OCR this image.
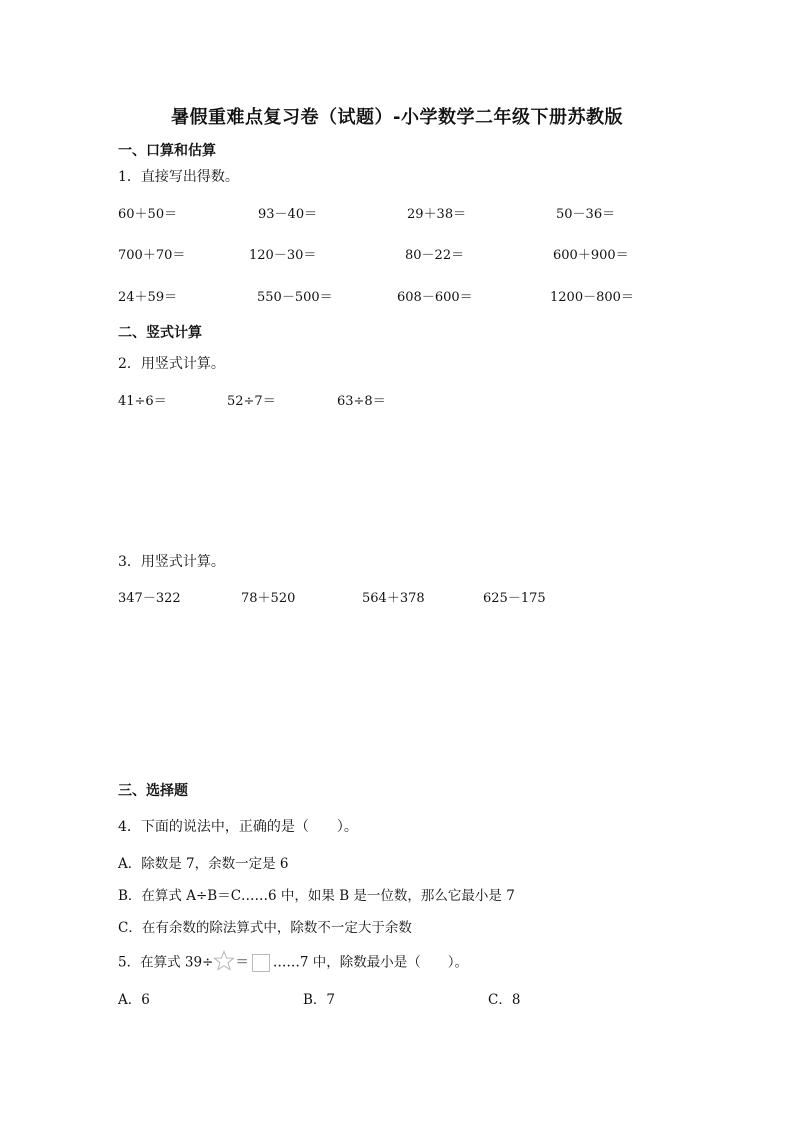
暑假重难点复习卷（试题）-小学数学二年级下册苏教版
一、口算和估算
1．直接写出得数。
60＋50＝	93－40＝	29＋38＝	50－36＝
700＋70＝	120－30＝	80－22＝	600＋900＝
24＋59＝	550－500＝	608－600＝	1200－800＝
二、竖式计算
2．用竖式计算。
41÷6＝	52÷7＝	63÷8＝
3．用竖式计算。
347－322	78＋520	564＋378	625－175
三、选择题
4．下面的说法中，正确的是（　　）。
A．除数是 7，余数一定是 6
B．在算式 A÷B＝C……6 中，如果 B 是一位数，那么它最小是 7
C．在有余数的除法算式中，除数不一定大于余数
5．在算式 39÷ ＝ ……7 中，除数最小是（　　）。
A．6	B．7	C．8
